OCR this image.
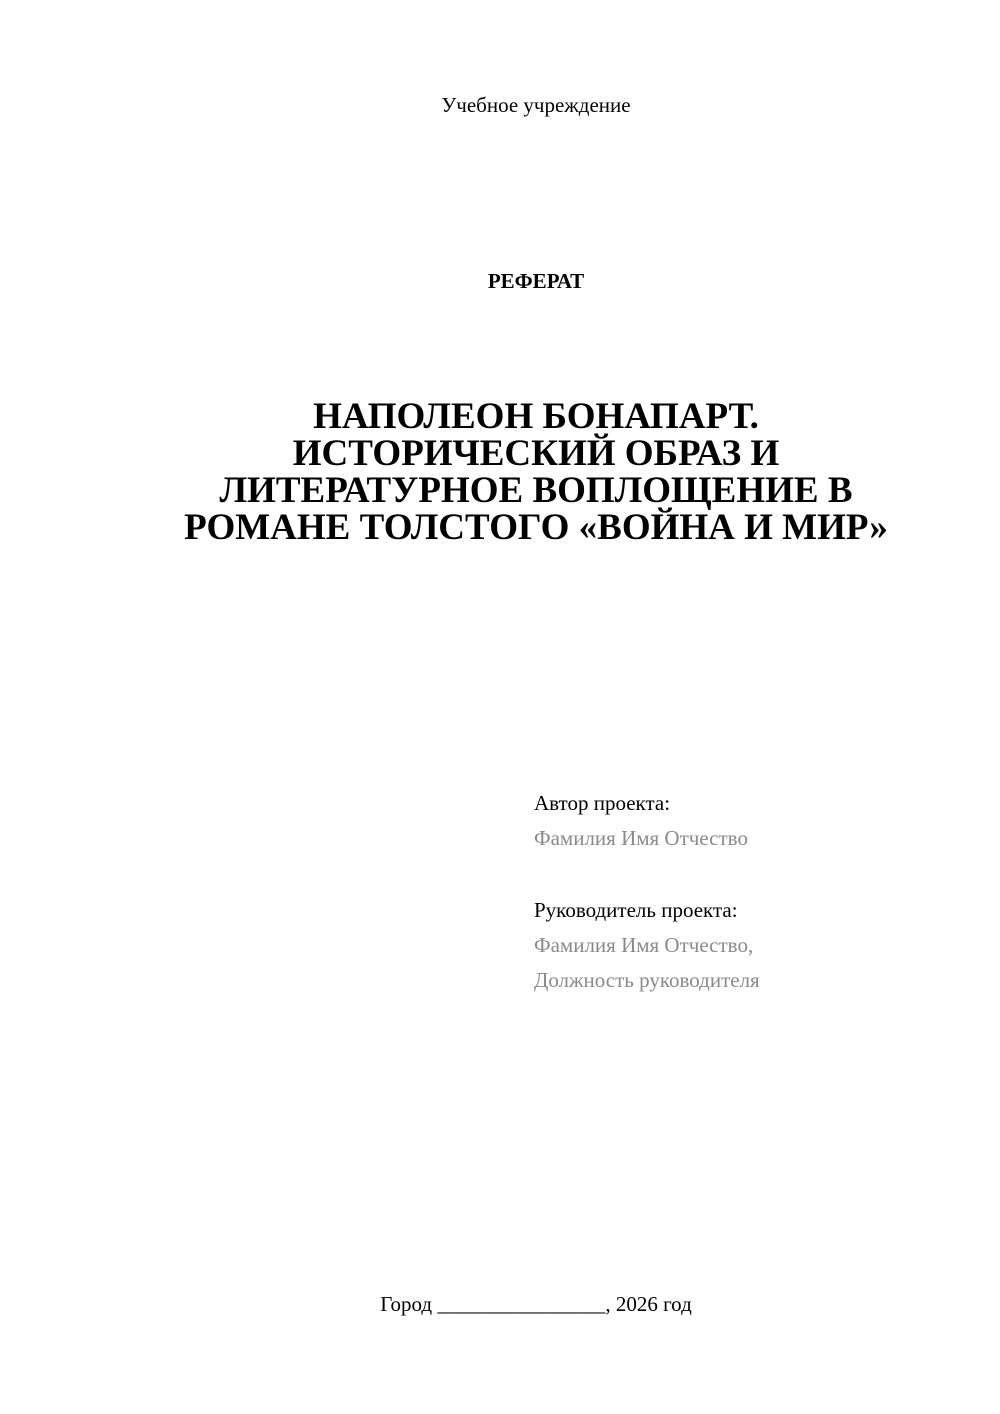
Учебное учреждение
РЕФЕРАТ
НАПОЛЕОН БОНАПАРТ.
ИСТОРИЧЕСКИЙ ОБРАЗ И
ЛИТЕРАТУРНОЕ ВОПЛОЩЕНИЕ В
РОМАНЕ ТОЛСТОГО «ВОЙНА И МИР»
Автор проекта:
Фамилия Имя Отчество
Руководитель проекта:
Фамилия Имя Отчество,
Должность руководителя
Город ________________, 2026 год
